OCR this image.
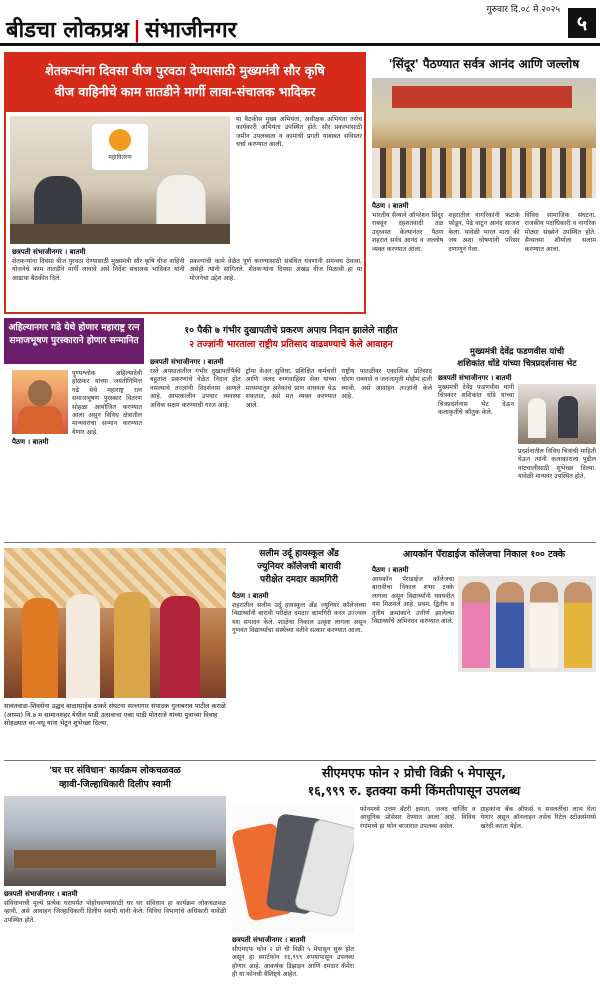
बीडचा लोकप्रश्न | संभाजीनगर
गुरुवार दि.०८ मे २०२५
५
शेतकऱ्यांना दिवसा वीज पुरवठा देण्यासाठी मुख्यमंत्री सौर कृषि
वीज वाहिनीचे काम तातडीने मार्गी लावा-संचालक भादिकर
महावितरण
या बैठकीस मुख्य अभियंता, अधीक्षक अभियंता तसेच कार्यकारी अभियंता उपस्थित होते. सौर प्रकल्पांसाठी जमीन उपलब्धता व कामांची प्रगती याबाबत सविस्तर चर्चा करण्यात आली.
छत्रपती संभाजीनगर । बातमी
शेतकऱ्यांना दिवसा वीज पुरवठा देण्यासाठी मुख्यमंत्री सौर कृषि वीज वाहिनी योजनेचे काम तातडीने मार्गी लावावे असे निर्देश संचालक भादिकर यांनी आढावा बैठकीत दिले.
प्रकल्पांची कामे वेळेत पूर्ण करण्यासाठी संबंधित यंत्रणांनी समन्वय ठेवावा, असेही त्यांनी सांगितले. शेतकऱ्यांना दिवसा अखंड वीज मिळावी हा या योजनेचा उद्देश आहे.
'सिंदूर' पैठण्यात सर्वत्र आनंद आणि जल्लोष
पैठण । बातमी
भारतीय सैन्याने ऑपरेशन सिंदूर राबवून दहशतवादी तळ उद्ध्वस्त केल्यानंतर पैठण शहरात सर्वत्र आनंद व जल्लोष व्यक्त करण्यात आला.
शहरातील नागरिकांनी फटाके फोडून, पेढे वाटून आनंद साजरा केला. यावेळी भारत माता की जय अशा घोषणांनी परिसर दणाणून गेला.
विविध सामाजिक संघटना, राजकीय पदाधिकारी व नागरिक मोठ्या संख्येने उपस्थित होते. सैन्याच्या शौर्याला सलाम करण्यात आला.
अहिल्यानगर गढे येथे होणार महाराष्ट्र रत्न
समाजभूषण पुरस्काराने होणार सन्मानित
पुण्यश्लोक अहिल्यादेवी होळकर यांच्या जयंतीनिमित्त गढे येथे महाराष्ट्र रत्न समाजभूषण पुरस्कार वितरण सोहळा आयोजित करण्यात आला असून विविध क्षेत्रातील मान्यवरांचा सन्मान करण्यात येणार आहे.
पैठण । बातमी
१० पैकी ७ गंभीर दुखापतीचे प्रकरण अपाय निदान झालेले नाहीत
२ तज्ज्ञांनी भारताला राष्ट्रीय प्रतिसाद वाढवण्याचे केले आवाहन
छत्रपती संभाजीनगर । बातमी
रस्ते अपघातातील गंभीर दुखापतींपैकी बहुतांश प्रकरणांचे वेळेत निदान होत नसल्याचे तज्ज्ञांनी निदर्शनास आणले आहे. आपत्कालीन उपचार व्यवस्था अधिक सक्षम करण्याची गरज आहे.
ट्रॉमा केअर सुविधा, प्रशिक्षित कर्मचारी आणि जलद रुग्णवाहिका सेवा यांच्या माध्यमातून अनेकांचे प्राण वाचवता येऊ शकतात, असे मत व्यक्त करण्यात आले.
राष्ट्रीय पातळीवर एकात्मिक प्रतिसाद धोरण राबवावे व जनजागृती मोहीम हाती घ्यावी, असे आवाहन तज्ज्ञांनी केले आहे.
मुख्यमंत्री देवेंद्र फडणवीस यांची
शशिकांत धोंडे यांच्या चित्रप्रदर्शनास भेट
छत्रपती संभाजीनगर । बातमी
मुख्यमंत्री देवेंद्र फडणवीस यांनी चित्रकार शशिकांत धोंडे यांच्या चित्रप्रदर्शनास भेट देऊन कलाकृतींचे कौतुक केले.
प्रदर्शनातील विविध चित्रांची माहिती घेऊन त्यांनी कलाकाराला पुढील वाटचालीसाठी शुभेच्छा दिल्या. यावेळी मान्यवर उपस्थित होते.
सावंतवाडा-शिवसेना उद्धव बाळासाहेब ठाकरे संघटना सल्लागार संपादक गुलाबराव पाटील कराळे (आप्पा) यि.७ म सामानशहर येथील पाडी उत्सवाचा एका पाडी पोतराजे यांच्या पुत्राच्या विवाह सोहळ्यात वर-वधू यांना भेटून शुभेच्छा दिल्या.
सलीम उर्दू हायस्कूल अँड
ज्युनियर कॉलेजची बारावी
परीक्षेत दमदार कामगिरी
पैठण । बातमी
शहरातील सलीम उर्दू हायस्कूल अँड ज्युनियर कॉलेजच्या विद्यार्थ्यांनी बारावी परीक्षेत दमदार कामगिरी करत उज्ज्वल यश संपादन केले. शाळेचा निकाल उत्कृष्ट लागला असून गुणवंत विद्यार्थ्यांचा संस्थेच्या वतीने सत्कार करण्यात आला.
आयकॉन पॅराडाईज कॉलेजचा निकाल १०० टक्के
पैठण । बातमी
आयकॉन पॅराडाईज कॉलेजचा बारावीचा निकाल शंभर टक्के लागला असून विद्यार्थ्यांनी घवघवीत यश मिळवले आहे. प्रथम, द्वितीय व तृतीय क्रमांकाने उत्तीर्ण झालेल्या विद्यार्थ्यांचे अभिनंदन करण्यात आले.
'घर घर संविधान' कार्यक्रम लोकचळवळ
व्हावी-जिल्हाधिकारी दिलीप स्वामी
छत्रपती संभाजीनगर । बातमी
संविधानाची मूल्ये प्रत्येक घरापर्यंत पोहोचवण्यासाठी घर घर संविधान हा कार्यक्रम लोकचळवळ व्हावी, असे आवाहन जिल्हाधिकारी दिलीप स्वामी यांनी केले. विविध विभागांचे अधिकारी यावेळी उपस्थित होते.
सीएमएफ फोन २ प्रोची विक्री ५ मेपासून,
१६,९९९ रु. इतक्या कमी किंमतीपासून उपलब्ध
छत्रपती संभाजीनगर । बातमी
सीएमएफ फोन २ प्रो ची विक्री ५ मेपासून सुरू होत असून हा स्मार्टफोन १६,९९९ रुपयांपासून उपलब्ध होणार आहे. आकर्षक डिझाइन आणि दमदार कॅमेरा ही या फोनची वैशिष्ट्ये आहेत.
फोनमध्ये उत्तम बॅटरी क्षमता, जलद चार्जिंग व आधुनिक प्रोसेसर देण्यात आला आहे. विविध रंगांमध्ये हा फोन बाजारात उपलब्ध असेल.
ग्राहकांना बँक ऑफर्स व सवलतींचा लाभ घेता येणार असून ऑनलाइन तसेच रिटेल स्टोअर्समध्ये खरेदी करता येईल.
